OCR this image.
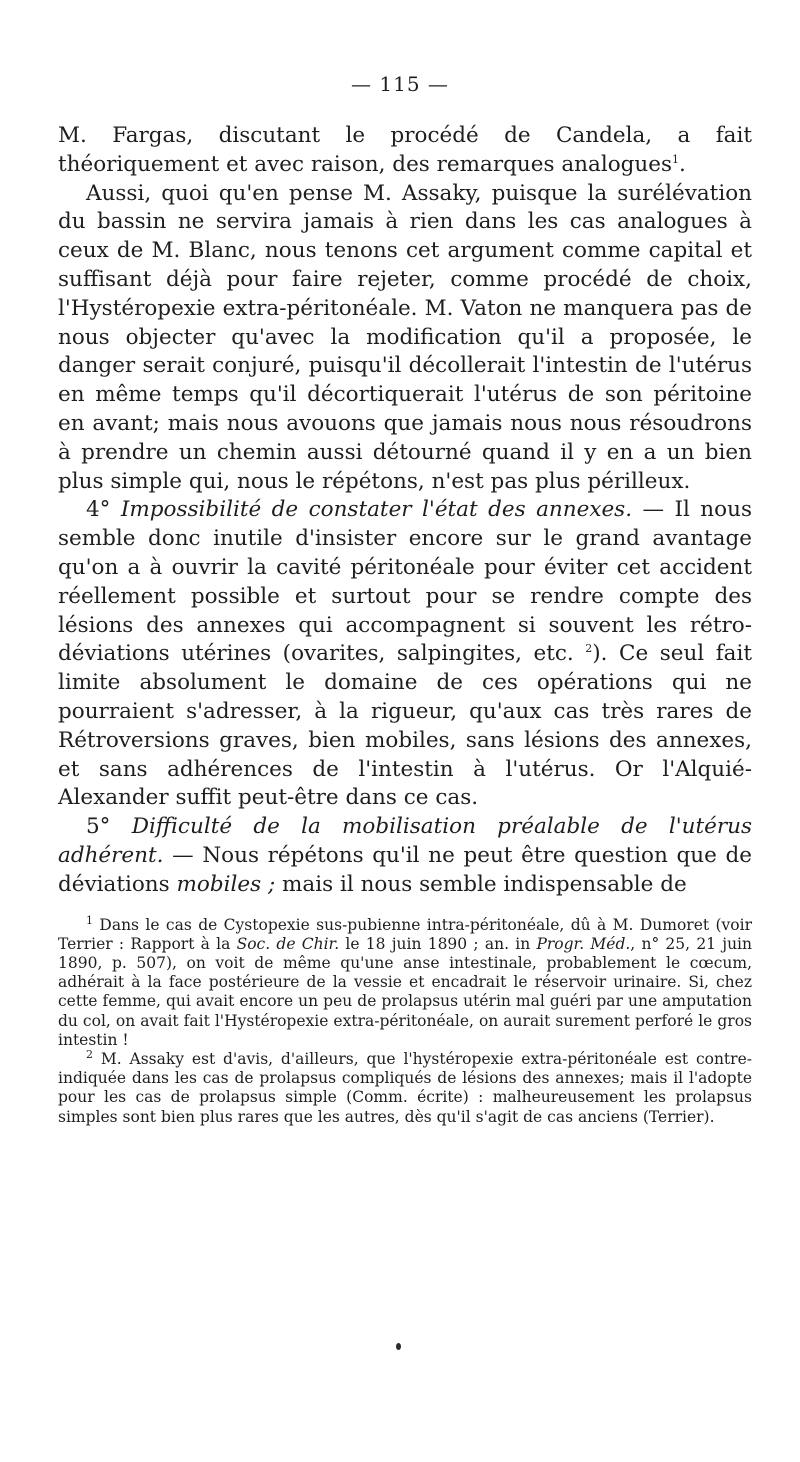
— 115 —

M. Fargas, discutant le procédé de Candela, a fait théoriquement et avec raison, des remarques analogues$^1$.

Aussi, quoi qu'en pense M. Assaky, puisque la surélévation du bassin ne servira jamais à rien dans les cas analogues à ceux de M. Blanc, nous tenons cet argument comme capital et suffisant déjà pour faire rejeter, comme procédé de choix, l'Hystéropexie extra-péritonéale. M. Vaton ne manquera pas de nous objecter qu'avec la modification qu'il a proposée, le danger serait conjuré, puisqu'il décollerait l'intestin de l'utérus en même temps qu'il décortiquerait l'utérus de son péritoine en avant; mais nous avouons que jamais nous nous résoudrons à prendre un chemin aussi détourné quand il y en a un bien plus simple qui, nous le répétons, n'est pas plus périlleux.

4° Impossibilité de constater l'état des annexes. — Il nous semble donc inutile d'insister encore sur le grand avantage qu'on a à ouvrir la cavité péritonéale pour éviter cet accident réellement possible et surtout pour se rendre compte des lésions des annexes qui accompagnent si souvent les rétro-déviations utérines (ovarites, salpingites, etc. $^2$). Ce seul fait limite absolument le domaine de ces opérations qui ne pourraient s'adresser, à la rigueur, qu'aux cas très rares de Rétroversions graves, bien mobiles, sans lésions des annexes, et sans adhérences de l'intestin à l'utérus. Or l'Alquié-Alexander suffit peut-être dans ce cas.

5° Difficulté de la mobilisation préalable de l'utérus adhérent. — Nous répétons qu'il ne peut être question que de déviations mobiles ; mais il nous semble indispensable de

$^1$ Dans le cas de Cystopexie sus-pubienne intra-péritonéale, dû à M. Dumoret (voir Terrier : Rapport à la Soc. de Chir. le 18 juin 1890 ; an. in Progr. Méd., n° 25, 21 juin 1890, p. 507), on voit de même qu'une anse intestinale, probablement le cœcum, adhérait à la face postérieure de la vessie et encadrait le réservoir urinaire. Si, chez cette femme, qui avait encore un peu de prolapsus utérin mal guéri par une amputation du col, on avait fait l'Hystéropexie extra-péritonéale, on aurait surement perforé le gros intestin !

$^2$ M. Assaky est d'avis, d'ailleurs, que l'hystéropexie extra-péritonéale est contre-indiquée dans les cas de prolapsus compliqués de lésions des annexes; mais il l'adopte pour les cas de prolapsus simple (Comm. écrite) : malheureusement les prolapsus simples sont bien plus rares que les autres, dès qu'il s'agit de cas anciens (Terrier).
